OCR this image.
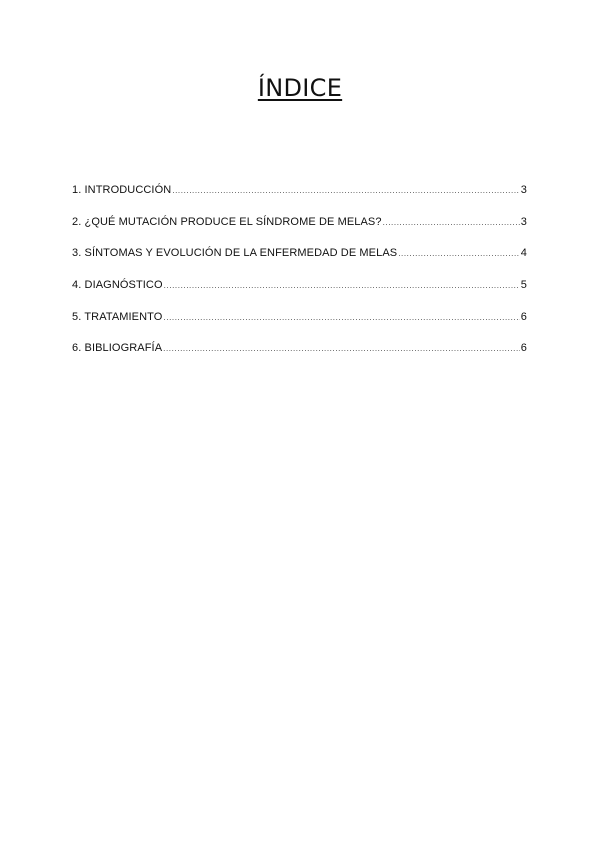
ÍNDICE
1. INTRODUCCIÓN .....	3
2. ¿QUÉ MUTACIÓN PRODUCE EL SÍNDROME DE MELAS? .....	3
3. SÍNTOMAS Y EVOLUCIÓN DE LA ENFERMEDAD DE MELAS .....	4
4. DIAGNÓSTICO .....	5
5. TRATAMIENTO .....	6
6. BIBLIOGRAFÍA .....	6
